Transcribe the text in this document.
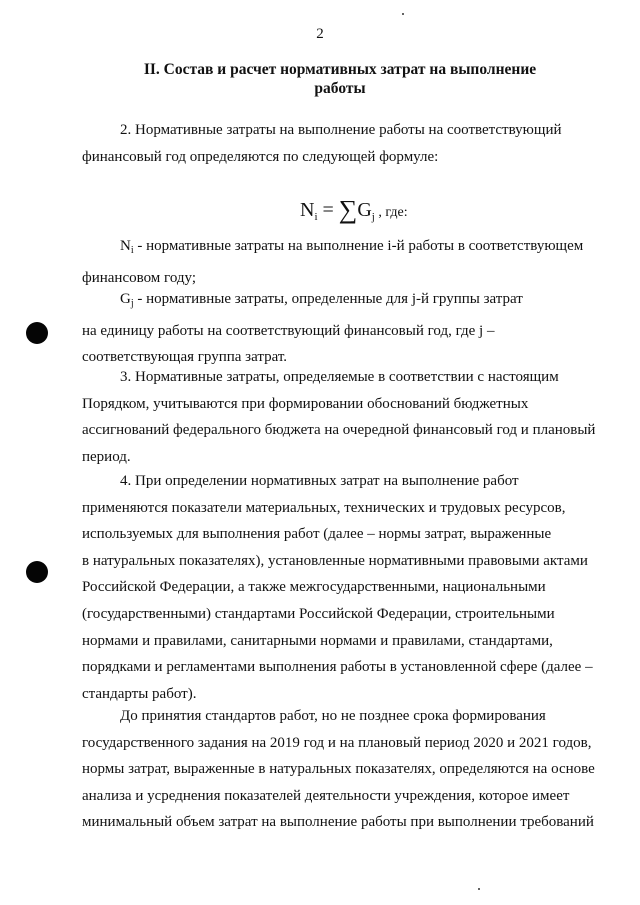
2
II. Состав и расчет нормативных затрат на выполнение
работы
2. Нормативные затраты на выполнение работы на соответствующий
финансовый год определяются по следующей формуле:
$N_i = \sum G_j$ , где:
$N_i$ - нормативные затраты на выполнение i-й работы в соответствующем
финансовом году;
$G_j$ - нормативные затраты, определенные для j-й группы затрат
на единицу работы на соответствующий финансовый год, где j –
соответствующая группа затрат.
3. Нормативные затраты, определяемые в соответствии с настоящим
Порядком, учитываются при формировании обоснований бюджетных
ассигнований федерального бюджета на очередной финансовый год и плановый
период.
4. При определении нормативных затрат на выполнение работ
применяются показатели материальных, технических и трудовых ресурсов,
используемых для выполнения работ (далее – нормы затрат, выраженные
в натуральных показателях), установленные нормативными правовыми актами
Российской Федерации, а также межгосударственными, национальными
(государственными) стандартами Российской Федерации, строительными
нормами и правилами, санитарными нормами и правилами, стандартами,
порядками и регламентами выполнения работы в установленной сфере (далее –
стандарты работ).
До принятия стандартов работ, но не позднее срока формирования
государственного задания на 2019 год и на плановый период 2020 и 2021 годов,
нормы затрат, выраженные в натуральных показателях, определяются на основе
анализа и усреднения показателей деятельности учреждения, которое имеет
минимальный объем затрат на выполнение работы при выполнении требований
